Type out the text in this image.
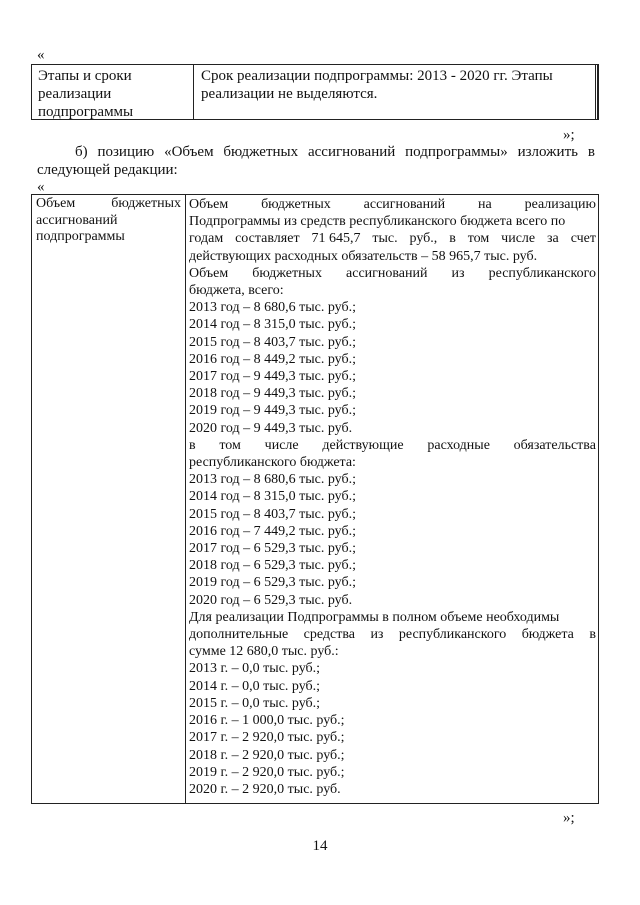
«
Этапы и сроки
реализации
подпрограммы
Срок реализации подпрограммы: 2013 - 2020 гг. Этапы
реализации не выделяются.
»;
б) позицию «Объем бюджетных ассигнований подпрограммы» изложить в
следующей редакции:
«
Объем	бюджетных
ассигнований
подпрограммы
Объем бюджетных ассигнований на реализацию
Подпрограммы из средств республиканского бюджета всего по
годам составляет 71 645,7 тыс. руб., в том числе за счет
действующих расходных обязательств – 58 965,7 тыс. руб.
Объем бюджетных ассигнований из республиканского
бюджета, всего:
2013 год – 8 680,6 тыс. руб.;
2014 год – 8 315,0 тыс. руб.;
2015 год – 8 403,7 тыс. руб.;
2016 год – 8 449,2 тыс. руб.;
2017 год – 9 449,3 тыс. руб.;
2018 год – 9 449,3 тыс. руб.;
2019 год – 9 449,3 тыс. руб.;
2020 год – 9 449,3 тыс. руб.
в том числе действующие расходные обязательства
республиканского бюджета:
2013 год – 8 680,6 тыс. руб.;
2014 год – 8 315,0 тыс. руб.;
2015 год – 8 403,7 тыс. руб.;
2016 год – 7 449,2 тыс. руб.;
2017 год – 6 529,3 тыс. руб.;
2018 год – 6 529,3 тыс. руб.;
2019 год – 6 529,3 тыс. руб.;
2020 год – 6 529,3 тыс. руб.
Для реализации Подпрограммы в полном объеме необходимы
дополнительные средства из республиканского бюджета в
сумме 12 680,0 тыс. руб.:
2013 г. – 0,0 тыс. руб.;
2014 г. – 0,0 тыс. руб.;
2015 г. – 0,0 тыс. руб.;
2016 г. – 1 000,0 тыс. руб.;
2017 г. – 2 920,0 тыс. руб.;
2018 г. – 2 920,0 тыс. руб.;
2019 г. – 2 920,0 тыс. руб.;
2020 г. – 2 920,0 тыс. руб.
»;
14
